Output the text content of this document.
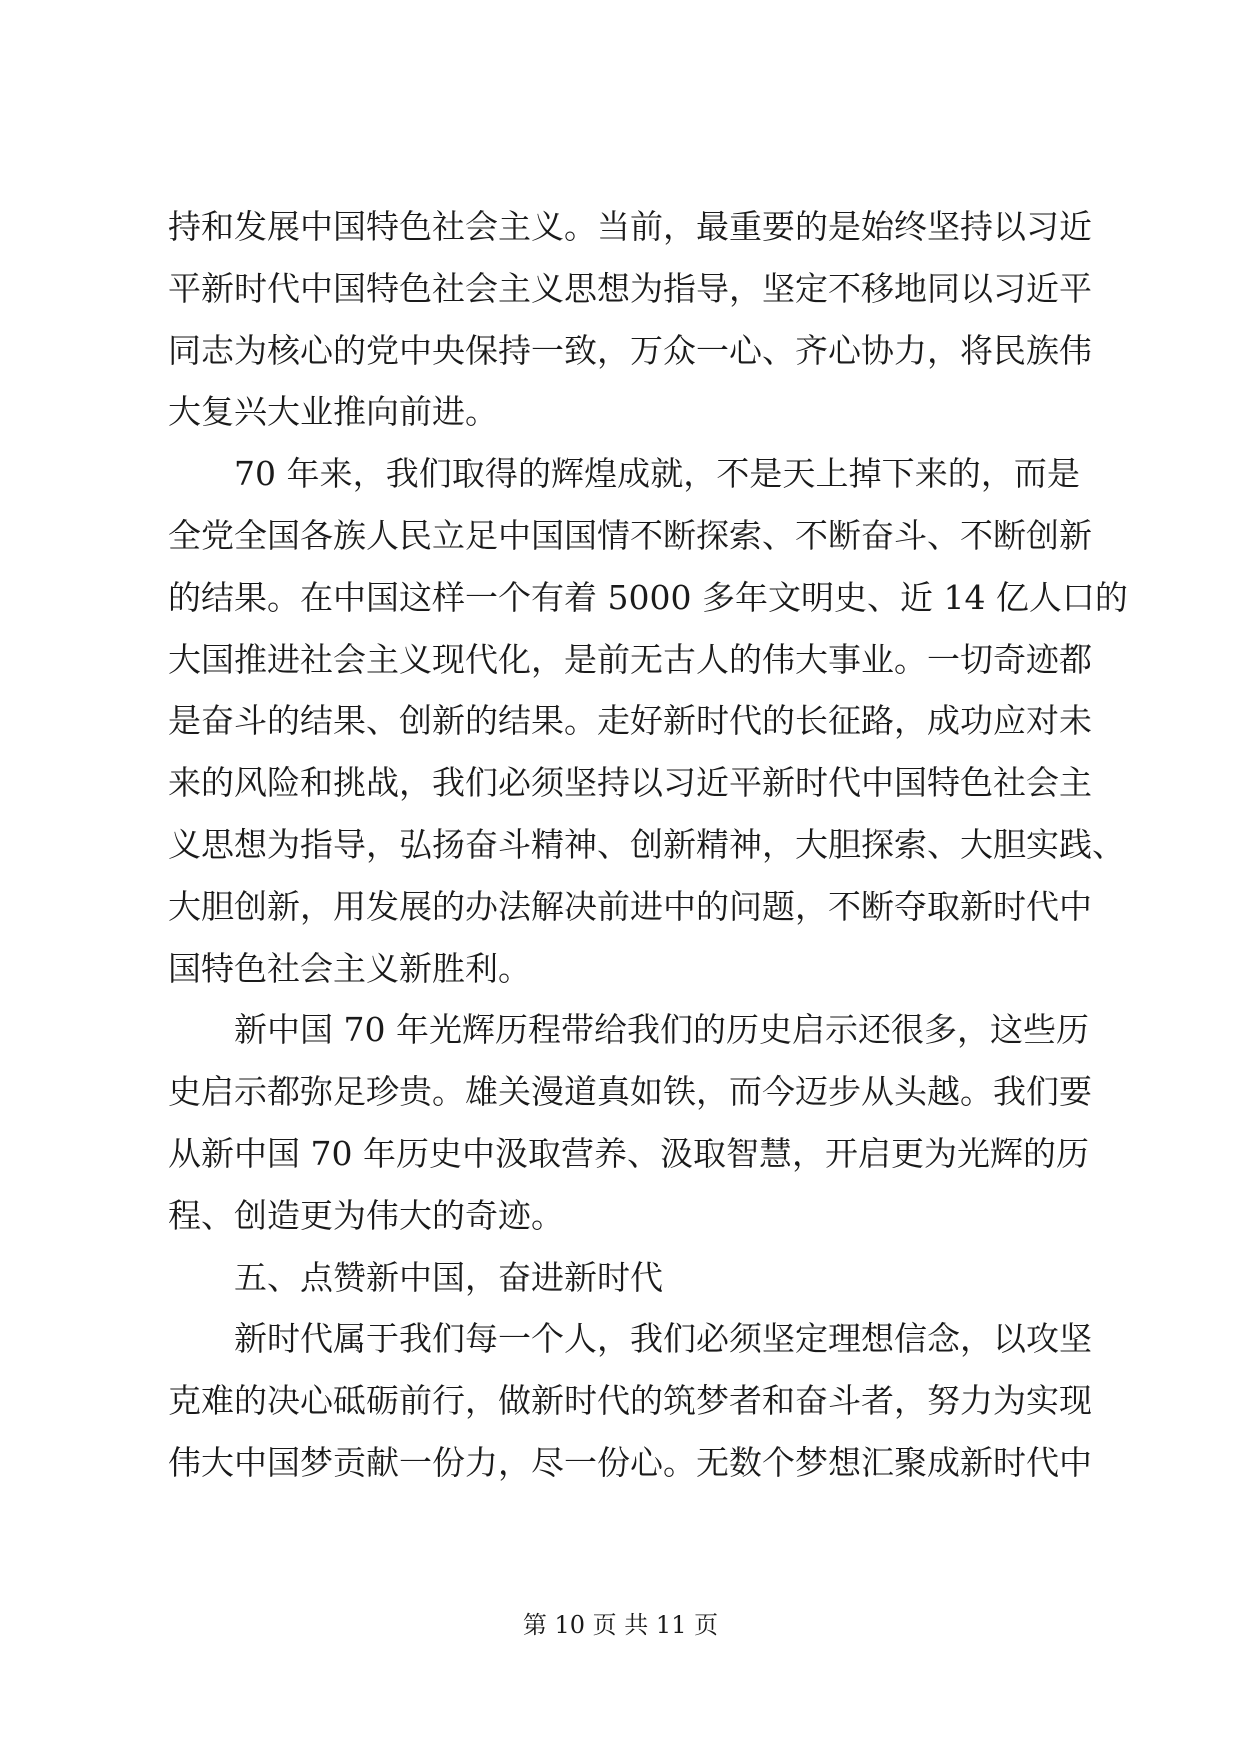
持和发展中国特色社会主义。当前，最重要的是始终坚持以习近
平新时代中国特色社会主义思想为指导，坚定不移地同以习近平
同志为核心的党中央保持一致，万众一心、齐心协力，将民族伟
大复兴大业推向前进。
70 年来，我们取得的辉煌成就，不是天上掉下来的，而是
全党全国各族人民立足中国国情不断探索、不断奋斗、不断创新
的结果。在中国这样一个有着 5000 多年文明史、近 14 亿人口的
大国推进社会主义现代化，是前无古人的伟大事业。一切奇迹都
是奋斗的结果、创新的结果。走好新时代的长征路，成功应对未
来的风险和挑战，我们必须坚持以习近平新时代中国特色社会主
义思想为指导，弘扬奋斗精神、创新精神，大胆探索、大胆实践、
大胆创新，用发展的办法解决前进中的问题，不断夺取新时代中
国特色社会主义新胜利。
新中国 70 年光辉历程带给我们的历史启示还很多，这些历
史启示都弥足珍贵。雄关漫道真如铁，而今迈步从头越。我们要
从新中国 70 年历史中汲取营养、汲取智慧，开启更为光辉的历
程、创造更为伟大的奇迹。
五、点赞新中国，奋进新时代
新时代属于我们每一个人，我们必须坚定理想信念，以攻坚
克难的决心砥砺前行，做新时代的筑梦者和奋斗者，努力为实现
伟大中国梦贡献一份力，尽一份心。无数个梦想汇聚成新时代中
第 10 页 共 11 页
